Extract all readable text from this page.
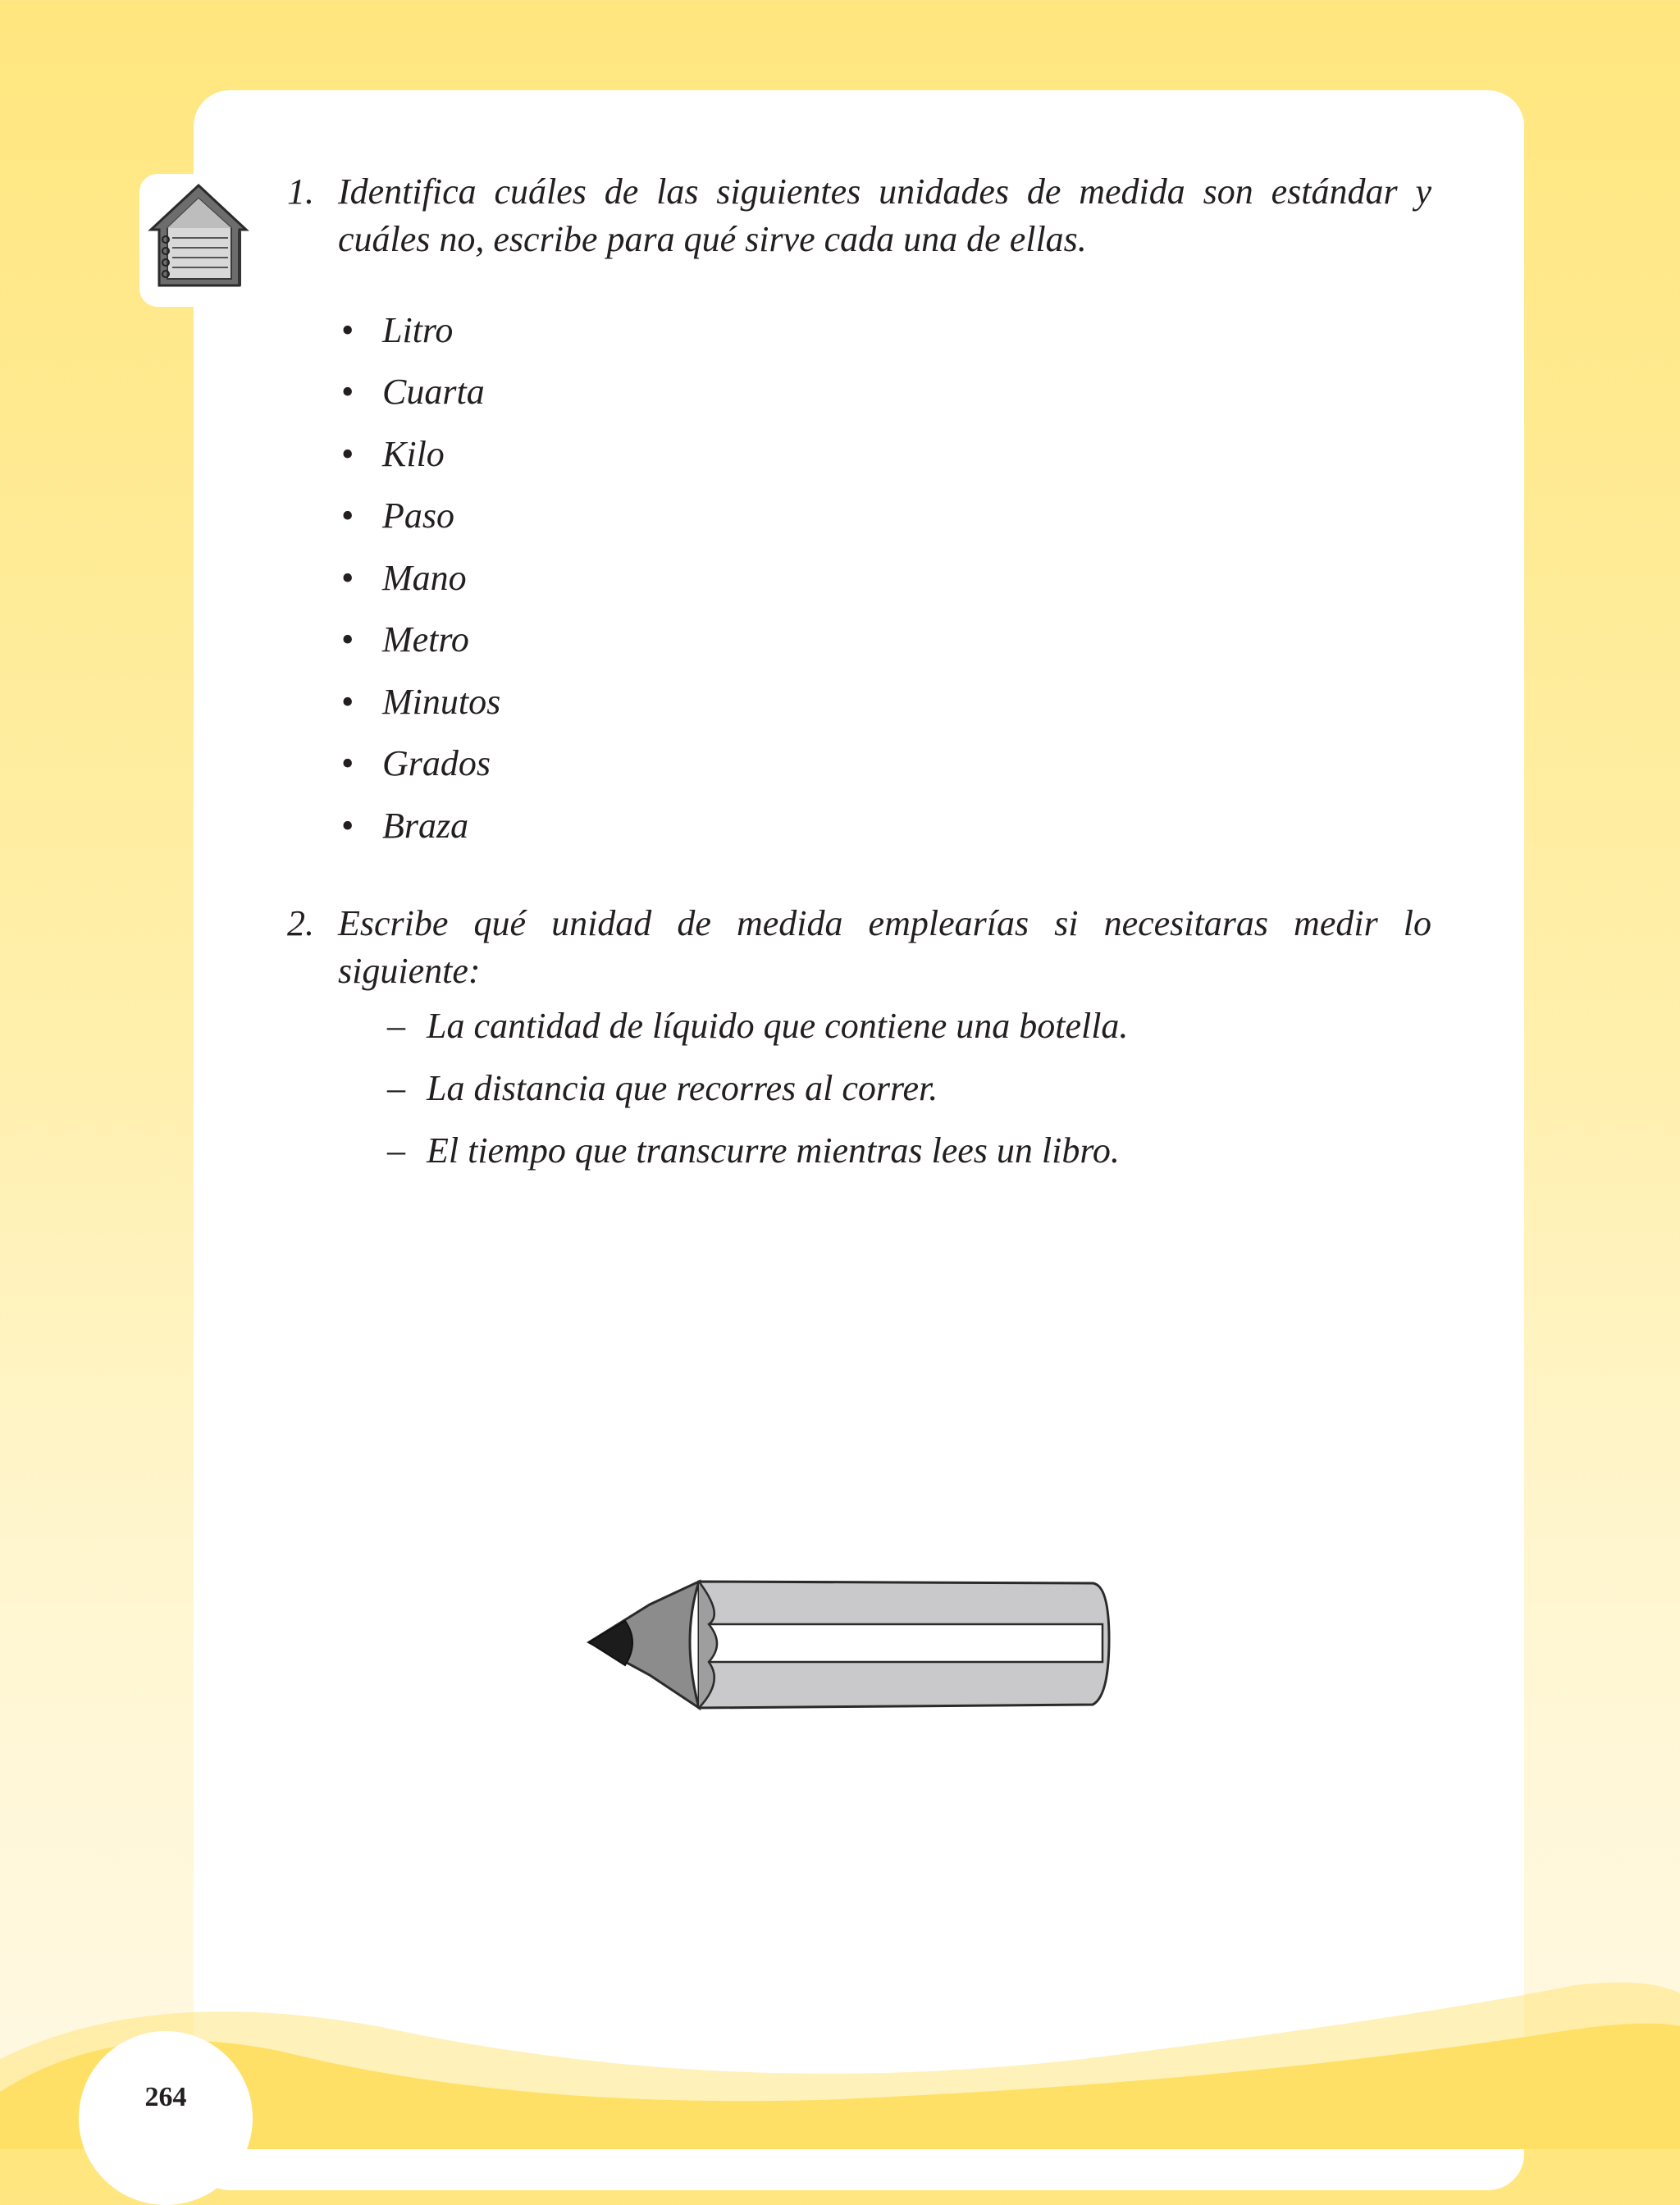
1. Identifica cuáles de las siguientes unidades de medida son estándar y cuáles no, escribe para qué sirve cada una de ellas.
• Litro
• Cuarta
• Kilo
• Paso
• Mano
• Metro
• Minutos
• Grados
• Braza
2. Escribe qué unidad de medida emplearías si necesitaras medir lo siguiente:
– La cantidad de líquido que contiene una botella.
– La distancia que recorres al correr.
– El tiempo que transcurre mientras lees un libro.
264
